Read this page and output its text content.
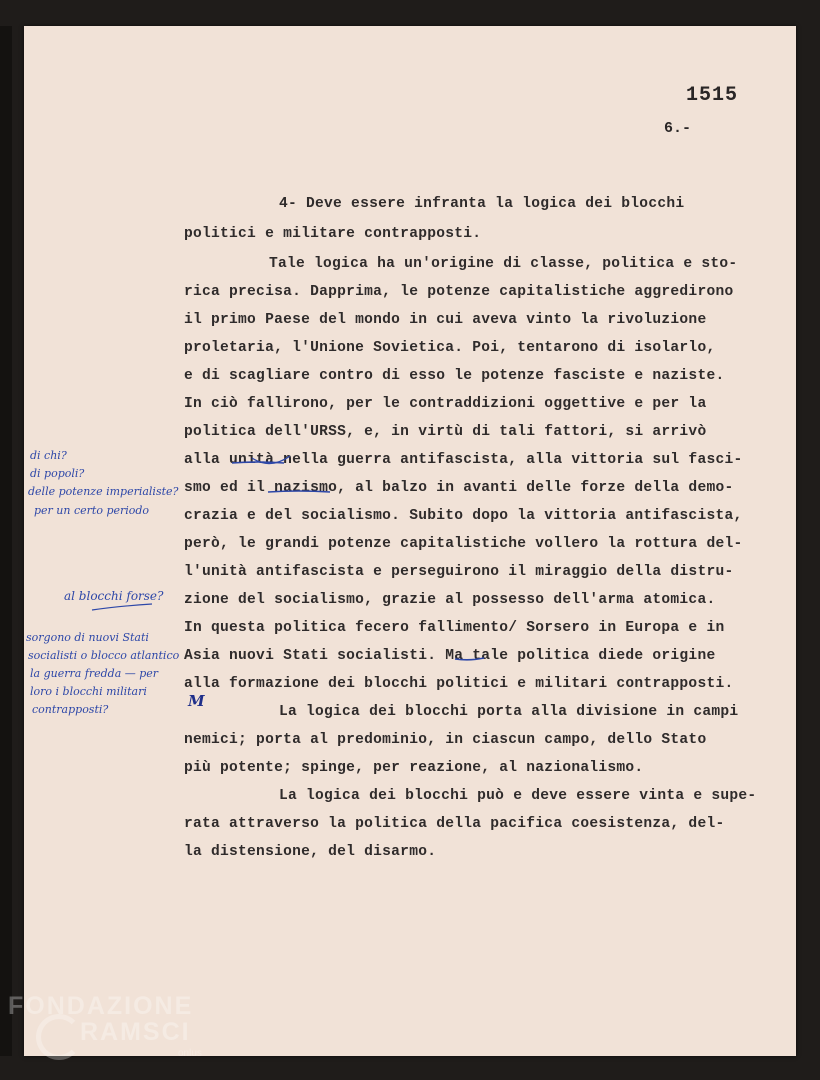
1515
6.-
4- Deve essere infranta la logica dei blocchi
politici e militare contrapposti.
Tale logica ha un'origine di classe, politica e sto-
rica precisa. Dapprima, le potenze capitalistiche aggredirono
il primo Paese del mondo in cui aveva vinto la rivoluzione
proletaria, l'Unione Sovietica. Poi, tentarono di isolarlo,
e di scagliare contro di esso le potenze fasciste e naziste.
In ciò fallirono, per le contraddizioni oggettive e per la
politica dell'URSS, e, in virtù di tali fattori, si arrivò
alla unità nella guerra antifascista, alla vittoria sul fasci-
smo ed il nazismo, al balzo in avanti delle forze della demo-
crazia e del socialismo. Subito dopo la vittoria antifascista,
però, le grandi potenze capitalistiche vollero la rottura del-
l'unità antifascista e perseguirono il miraggio della distru-
zione del socialismo, grazie al possesso dell'arma atomica.
In questa politica fecero fallimento/ Sorsero in Europa e in
Asia nuovi Stati socialisti. Ma tale politica diede origine
alla formazione dei blocchi politici e militari contrapposti.
La logica dei blocchi porta alla divisione in campi
nemici; porta al predominio, in ciascun campo, dello Stato
più potente; spinge, per reazione, al nazionalismo.
La logica dei blocchi può e deve essere vinta e supe-
rata attraverso la politica della pacifica coesistenza, del-
la distensione, del disarmo.
di chi?
di popoli?
delle potenze imperialiste?
per un certo periodo
al blocchi forse?
sorgono di nuovi Stati
socialisti o blocco atlantico
la guerra fredda — per
loro i blocchi militari
contrapposti?	M
FONDAZIONE
RAMSCI
onlus
